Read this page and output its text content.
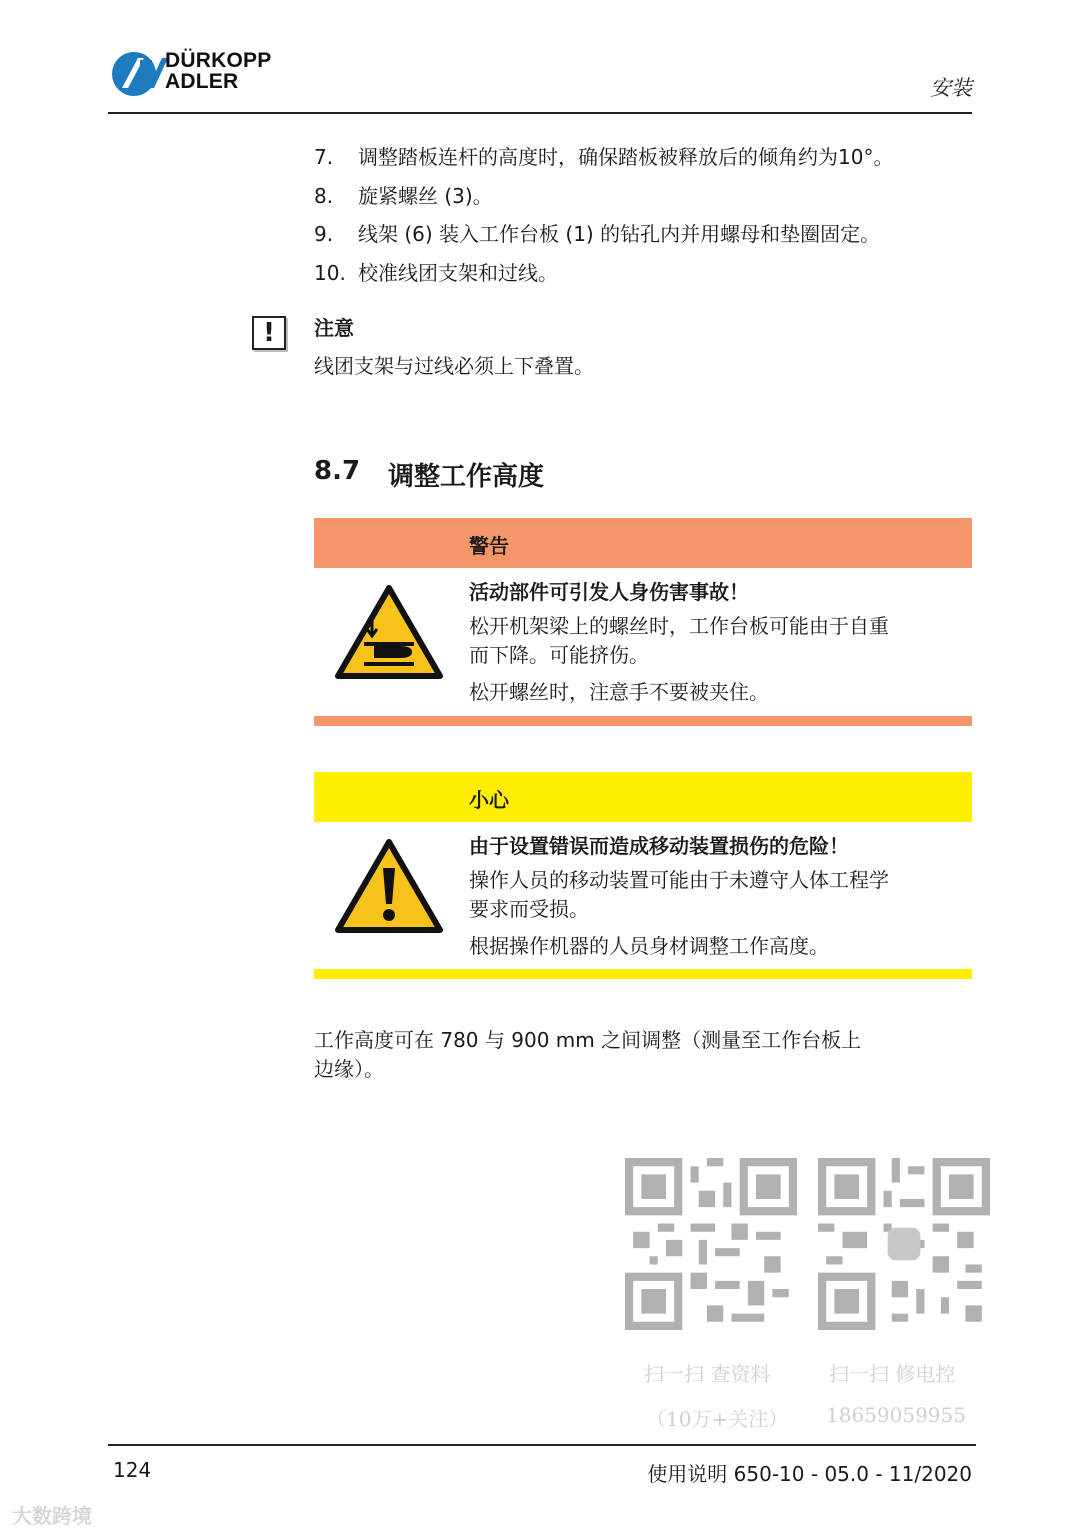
DÜRKOPP
ADLER	安装
7. 调整踏板连杆的高度时，确保踏板被释放后的倾角约为10°。
8. 旋紧螺丝 (3)。
9. 线架 (6) 装入工作台板 (1) 的钻孔内并用螺母和垫圈固定。
10. 校准线团支架和过线。
!	注意
线团支架与过线必须上下叠置。
8.7 调整工作高度
警告
活动部件可引发人身伤害事故！
松开机架梁上的螺丝时，工作台板可能由于自重
而下降。可能挤伤。
松开螺丝时，注意手不要被夹住。
小心
由于设置错误而造成移动装置损伤的危险！
操作人员的移动装置可能由于未遵守人体工程学
要求而受损。
根据操作机器的人员身材调整工作高度。
工作高度可在 780 与 900 mm 之间调整（测量至工作台板上
边缘）。
扫一扫 查资料
（10万+关注）
扫一扫 修电控
18659059955
124	使用说明 650-10 - 05.0 - 11/2020
大数跨境
